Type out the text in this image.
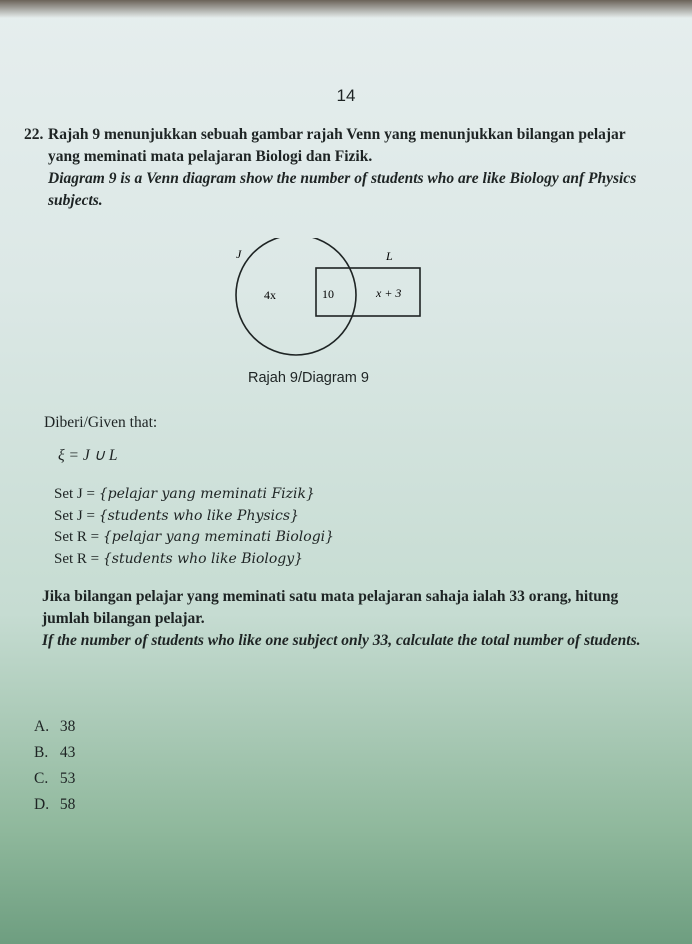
14
22. Rajah 9 menunjukkan sebuah gambar rajah Venn yang menunjukkan bilangan pelajar yang meminati mata pelajaran Biologi dan Fizik.
Diagram 9 is a Venn diagram show the number of students who are like Biology anf Physics subjects.
J	L
4x	10	x + 3
Rajah 9/Diagram 9
Diberi/Given that:
ξ = J ∪ L
Set J = {pelajar yang meminati Fizik}
Set J = {students who like Physics}
Set R = {pelajar yang meminati Biologi}
Set R = {students who like Biology}
Jika bilangan pelajar yang meminati satu mata pelajaran sahaja ialah 33 orang, hitung jumlah bilangan pelajar.
If the number of students who like one subject only 33, calculate the total number of students.
A. 38
B. 43
C. 53
D. 58
